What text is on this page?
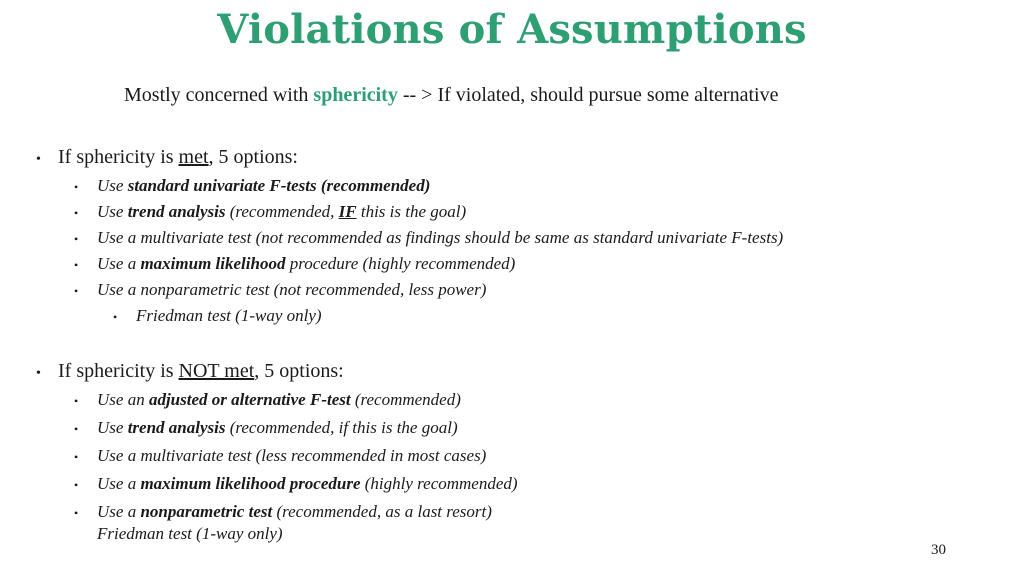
Violations of Assumptions
Mostly concerned with sphericity -- > If violated, should pursue some alternative
• If sphericity is met, 5 options:
•	Use standard univariate F-tests (recommended)
•	Use trend analysis (recommended, IF this is the goal)
•	Use a multivariate test (not recommended as findings should be same as standard univariate F-tests)
•	Use a maximum likelihood procedure (highly recommended)
•	Use a nonparametric test (not recommended, less power)
•	Friedman test (1-way only)
• If sphericity is NOT met, 5 options:
•	Use an adjusted or alternative F-test (recommended)
•	Use trend analysis (recommended, if this is the goal)
•	Use a multivariate test (less recommended in most cases)
•	Use a maximum likelihood procedure (highly recommended)
•	Use a nonparametric test (recommended, as a last resort)
Friedman test (1-way only)
30
